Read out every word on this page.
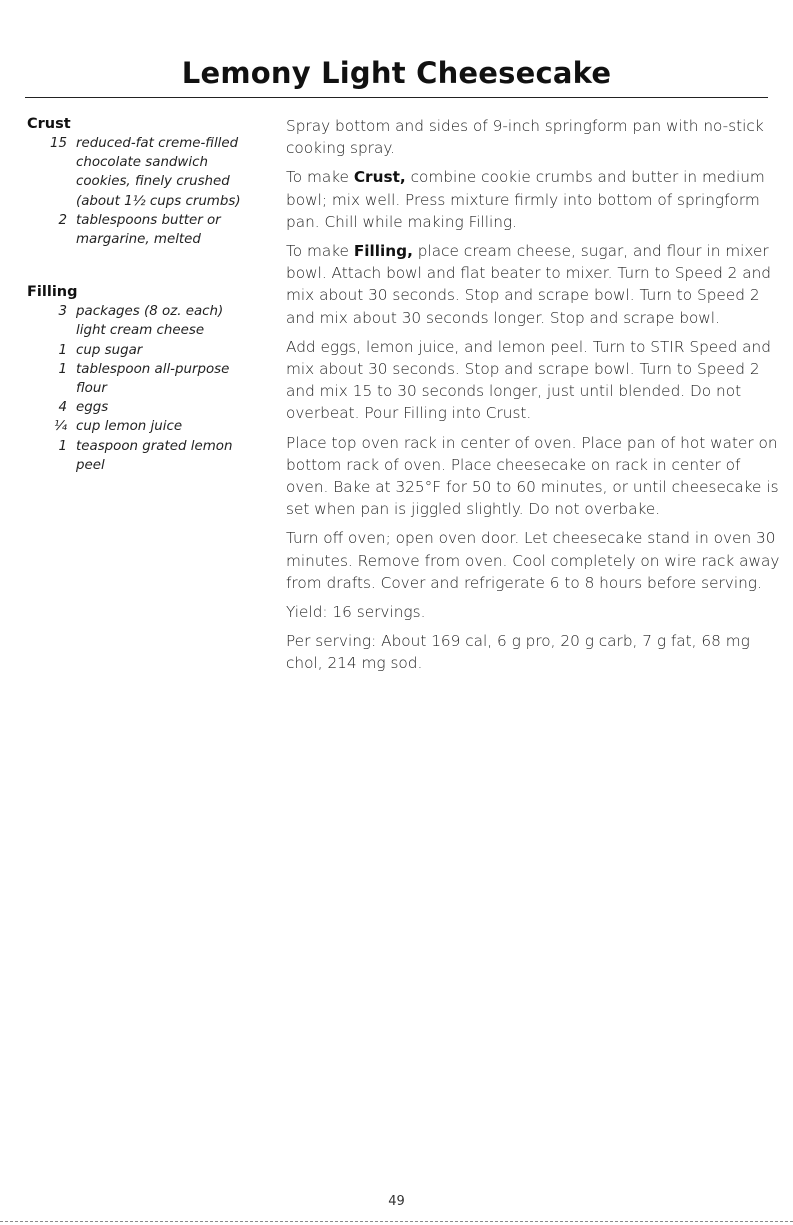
Lemony Light Cheesecake
Crust
15 reduced-fat creme-filled chocolate sandwich cookies, finely crushed (about 1½ cups crumbs)
2 tablespoons butter or margarine, melted
Filling
3 packages (8 oz. each) light cream cheese
1 cup sugar
1 tablespoon all-purpose flour
4 eggs
¼ cup lemon juice
1 teaspoon grated lemon peel

Spray bottom and sides of 9-inch springform pan with no-stick cooking spray.

To make Crust, combine cookie crumbs and butter in medium bowl; mix well. Press mixture firmly into bottom of springform pan. Chill while making Filling.

To make Filling, place cream cheese, sugar, and flour in mixer bowl. Attach bowl and flat beater to mixer. Turn to Speed 2 and mix about 30 seconds. Stop and scrape bowl. Turn to Speed 2 and mix about 30 seconds longer. Stop and scrape bowl.

Add eggs, lemon juice, and lemon peel. Turn to STIR Speed and mix about 30 seconds. Stop and scrape bowl. Turn to Speed 2 and mix 15 to 30 seconds longer, just until blended. Do not overbeat. Pour Filling into Crust.

Place top oven rack in center of oven. Place pan of hot water on bottom rack of oven. Place cheesecake on rack in center of oven. Bake at 325°F for 50 to 60 minutes, or until cheesecake is set when pan is jiggled slightly. Do not overbake.

Turn off oven; open oven door. Let cheesecake stand in oven 30 minutes. Remove from oven. Cool completely on wire rack away from drafts. Cover and refrigerate 6 to 8 hours before serving.

Yield: 16 servings.

Per serving: About 169 cal, 6 g pro, 20 g carb, 7 g fat, 68 mg chol, 214 mg sod.

49
